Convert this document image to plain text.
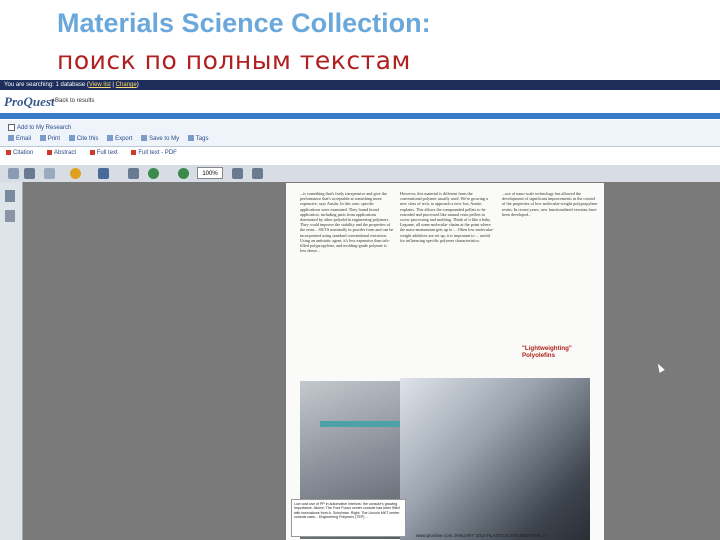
Materials Science Collection:
поиск по полным текстам
You are searching: 1 database (View list | Change)
ProQuest
« Back to results
Add to My Research
Email	Print	Cite this	Export	Save to My	Tags
Citation	Abstract	Full text	Full text - PDF
100%
...is something that's fairly inexpensive and give the performance that's acceptable at something more expensive, says Austin. In this case, specific applications were examined. They found broad application, including parts from applications dominated by other polyolefin engineering polymers. They could improve the stability and the properties of the resin... SS/TS nominally in powder form and can be incorporated using standard conventional extrusion. Using an antistatic agent, it's less expensive than talc-filled polypropylene, and molding-grade polymer is less dense...
However, this material is different from the conventional polymer usually used. We're growing a new class of tech, to approach a new low, Austin explains. This allows the compounded pellets to be extruded and processed like natural resin pellets in screw processing and molding. Think of it like a baby Legume, all some molecular chains at the point where the mass-momentum gets up to ... Often low molecular-weight additives are set up, it is important to ... useful for influencing specific polymer characteristics.
...use of nano-scale technology has allowed the development of significant improvements in the control of the properties of low-molecular-weight polypropylene resins. In recent years, new functionalized versions have been developed...
"Lightweighting" Polyolefins
Low cost use of PP in automotive interiors: the console's growing importance. Above: The Ford Focus center console has been filled with innovations from A. Schulman. Right: The Lincoln MKT center console uses... Engineering Polymers (TEP) ...
www.ptonline.com JANUARY 2010 PLASTICS ENGINEERING 17
